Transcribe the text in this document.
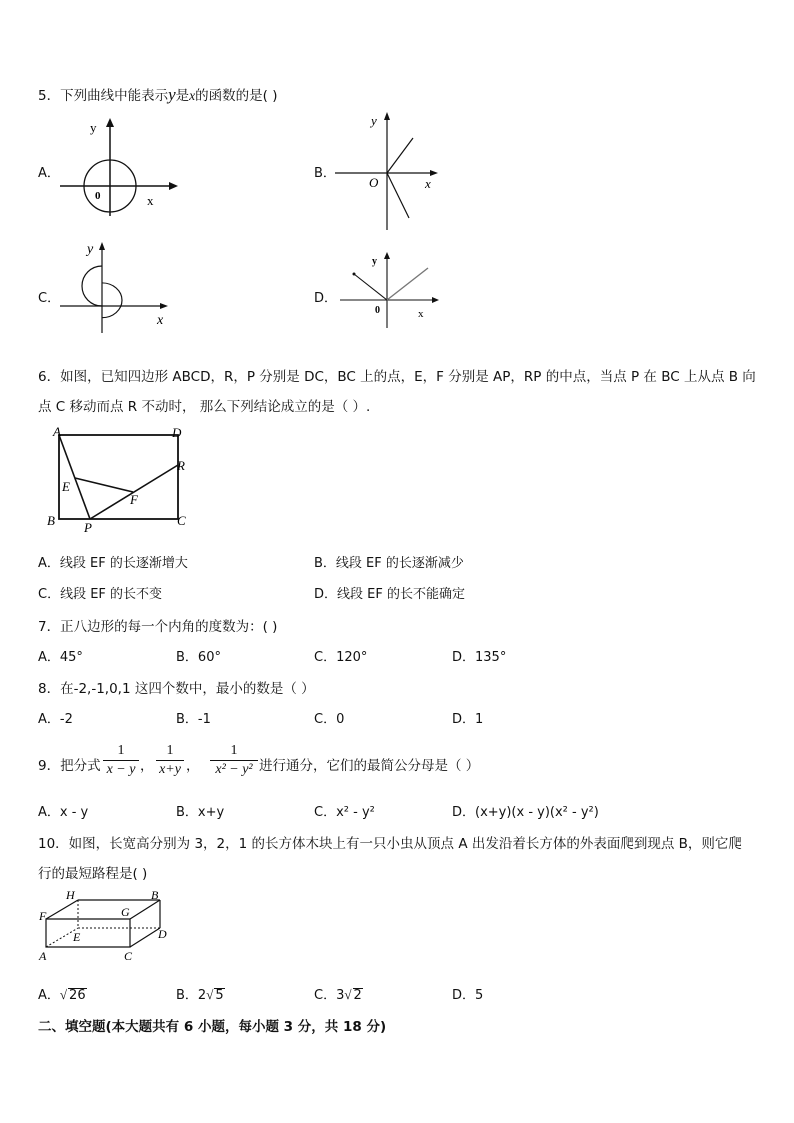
5．下列曲线中能表示y是x的函数的是( )
A．
y
0	x
B．
y
O	x
C．
y
x
D．
y
0	x
6．如图，已知四边形 ABCD，R，P 分别是 DC，BC 上的点，E，F 分别是 AP，RP 的中点，当点 P 在 BC 上从点 B 向
点 C 移动而点 R 不动时， 那么下列结论成立的是（ ）.
A	D
R
E
F
B P	C
A．线段 EF 的长逐渐增大	B．线段 EF 的长逐渐减少
C．线段 EF 的长不变	D．线段 EF 的长不能确定
7．正八边形的每一个内角的度数为：( )
A．45°	B．60°	C．120°	D．135°
8．在-2,-1,0,1 这四个数中，最小的数是（ ）
A．-2	B．-1	C．0	D．1
9．把分式 $\frac{1}{x - y}$ ， $\frac{1}{x+y}$ ， $\frac{1}{\text{x² − y²}}$ 进行通分，它们的最简公分母是（ ）
A．x - y	B．x+y	C．x² - y²	D．(x+y)(x - y)(x² - y²)
10．如图，长宽高分别为 3，2，1 的长方体木块上有一只小虫从顶点 A 出发沿着长方体的外表面爬到现点 B，则它爬
行的最短路程是( )
H	B
F	G
E	D
A	C
A．√ 26	B．2√ 5	C．3√ 2	D．5
二、填空题(本大题共有 6 小题，每小题 3 分，共 18 分)
